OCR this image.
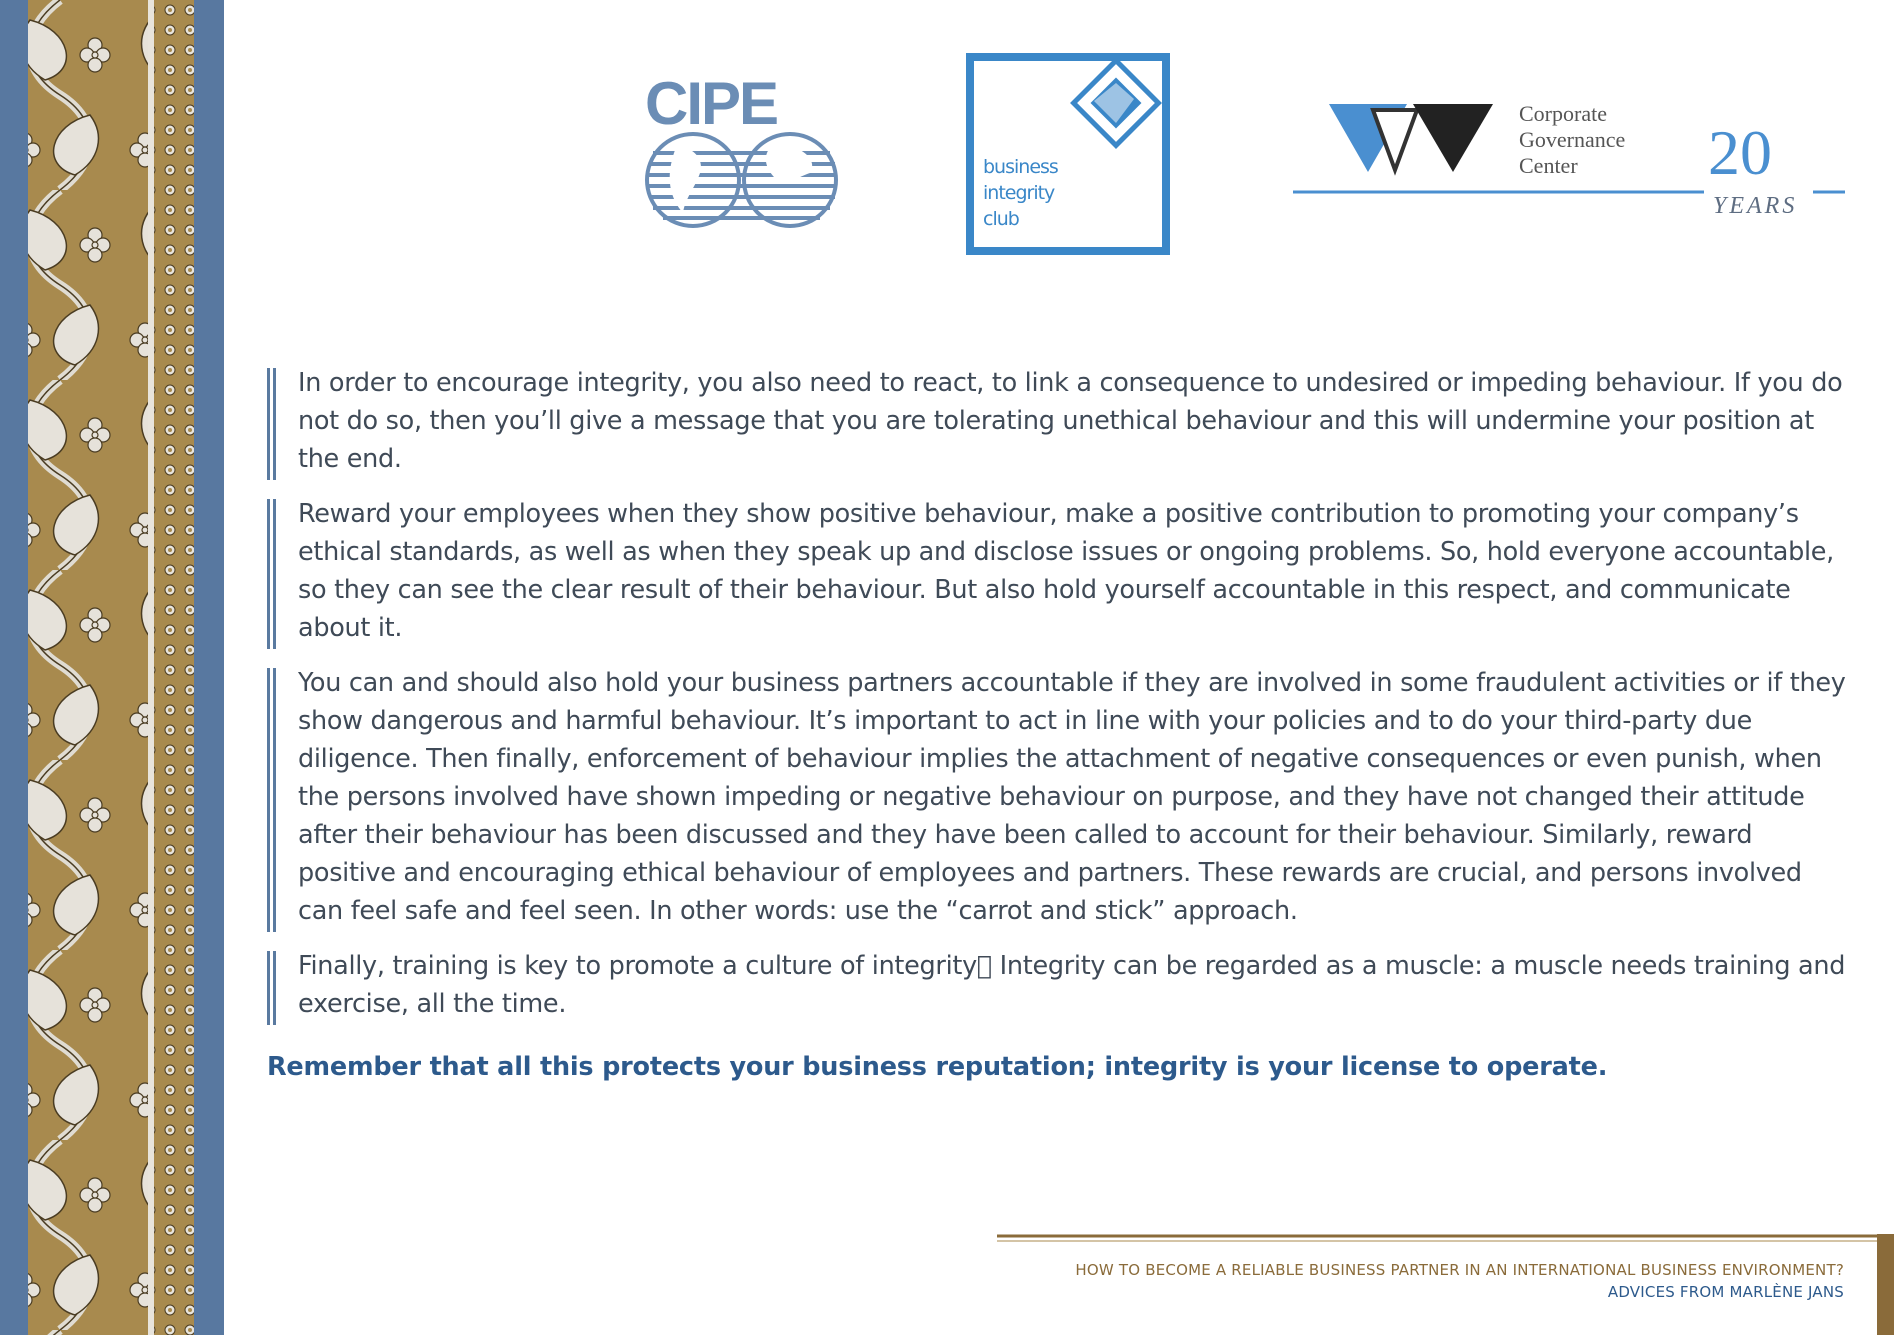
CIPE
business
integrity
club
Corporate
Governance
Center	20
YEARS
In order to encourage integrity, you also need to react, to link a consequence to undesired or impeding behaviour. If you do not do so, then you’ll give a message that you are tolerating unethical behaviour and this will undermine your position at the end.
Reward your employees when they show positive behaviour, make a positive contribution to promoting your company’s ethical standards, as well as when they speak up and disclose issues or ongoing problems. So, hold everyone accountable, so they can see the clear result of their behaviour. But also hold yourself accountable in this respect, and communicate about it.
You can and should also hold your business partners accountable if they are involved in some fraudulent activities or if they show dangerous and harmful behaviour. It’s important to act in line with your policies and to do your third-party due diligence. Then finally, enforcement of behaviour implies the attachment of negative consequences or even punish, when the persons involved have shown impeding or negative behaviour on purpose, and they have not changed their attitude after their behaviour has been discussed and they have been called to account for their behaviour. Similarly, reward positive and encouraging ethical behaviour of employees and partners. These rewards are crucial, and persons involved can feel safe and feel seen. In other words: use the “carrot and stick” approach.
Finally, training is key to promote a culture of integrity  Integrity can be regarded as a muscle: a muscle needs training and exercise, all the time.
Remember that all this protects your business reputation; integrity is your license to operate.
HOW TO BECOME A RELIABLE BUSINESS PARTNER IN AN INTERNATIONAL BUSINESS ENVIRONMENT?
ADVICES FROM MARLÈNE JANS
